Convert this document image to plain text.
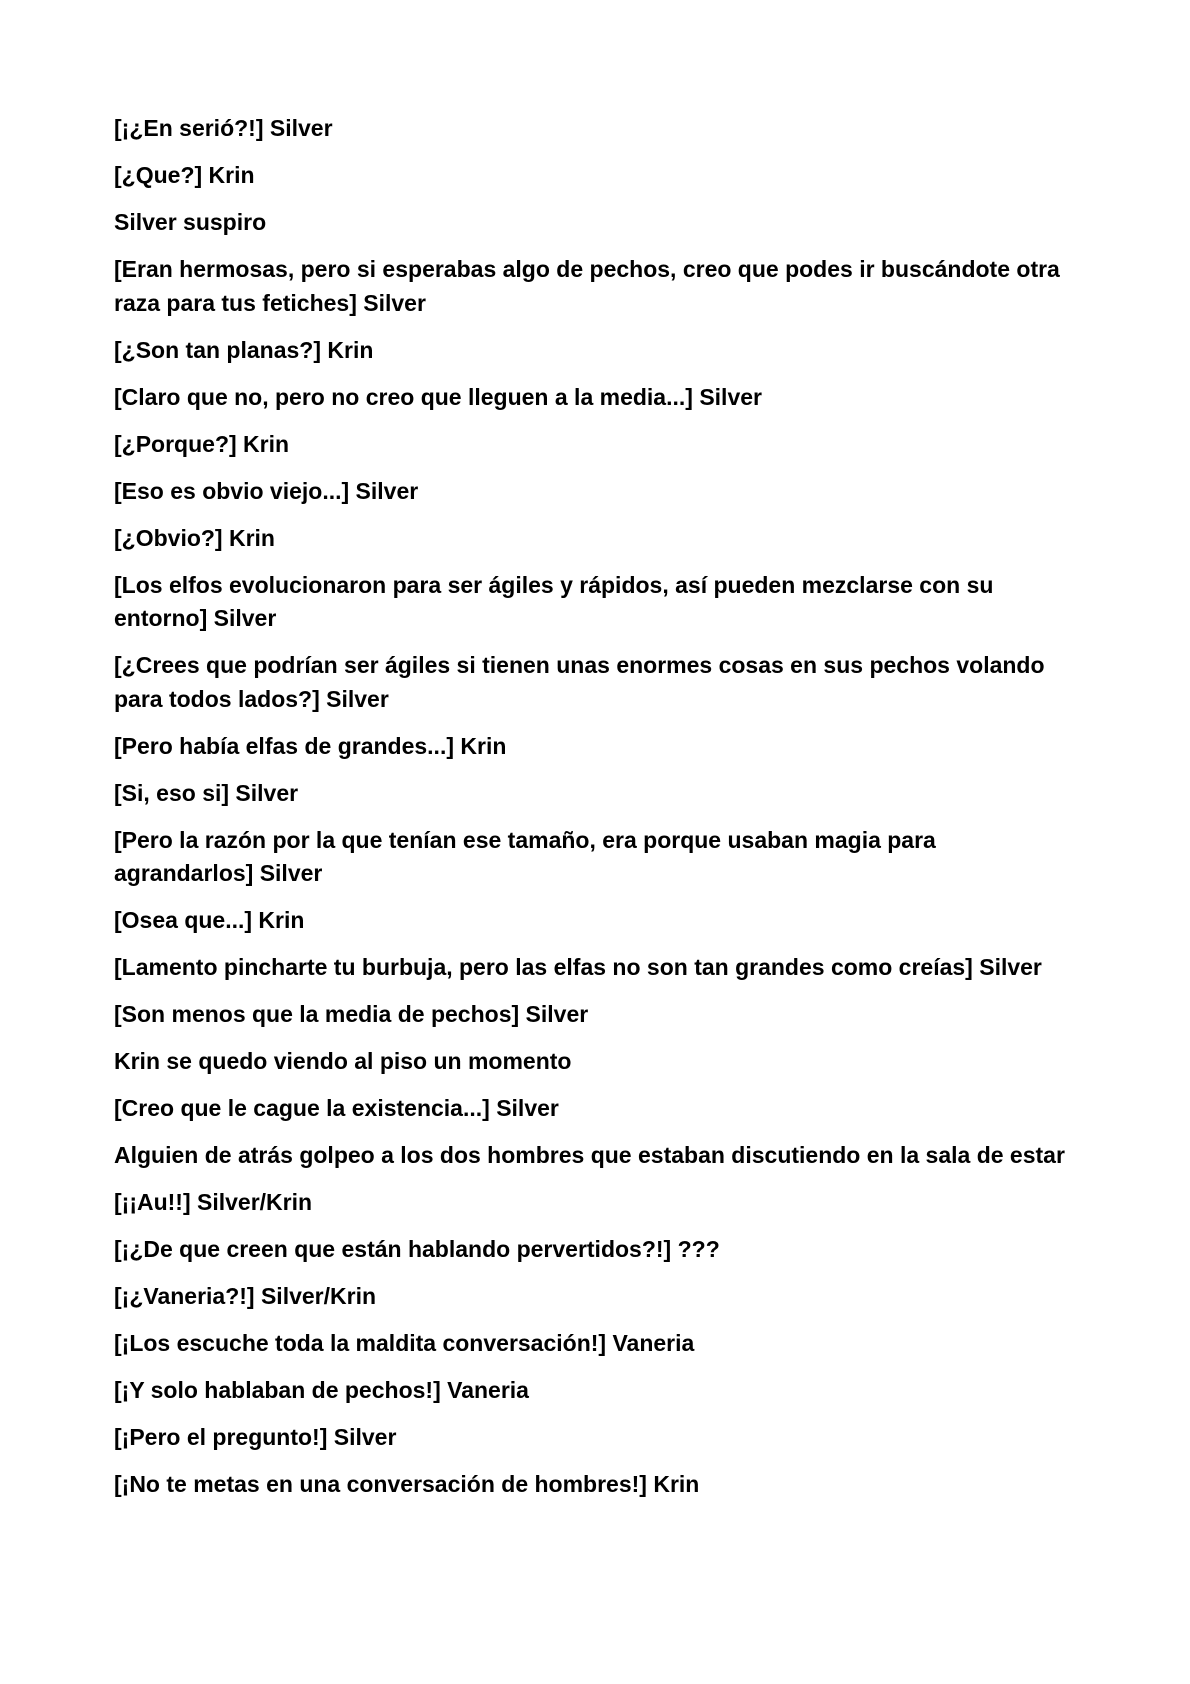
[¡¿En serió?!] Silver

[¿Que?] Krin

Silver suspiro

[Eran hermosas, pero si esperabas algo de pechos, creo que podes ir buscándote otra raza para tus fetiches] Silver

[¿Son tan planas?] Krin

[Claro que no, pero no creo que lleguen a la media...] Silver

[¿Porque?] Krin

[Eso es obvio viejo...] Silver

[¿Obvio?] Krin

[Los elfos evolucionaron para ser ágiles y rápidos, así pueden mezclarse con su entorno] Silver

[¿Crees que podrían ser ágiles si tienen unas enormes cosas en sus pechos volando para todos lados?] Silver

[Pero había elfas de grandes...] Krin

[Si, eso si] Silver

[Pero la razón por la que tenían ese tamaño, era porque usaban magia para agrandarlos] Silver

[Osea que...] Krin

[Lamento pincharte tu burbuja, pero las elfas no son tan grandes como creías] Silver

[Son menos que la media de pechos] Silver

Krin se quedo viendo al piso un momento

[Creo que le cague la existencia...] Silver

Alguien de atrás golpeo a los dos hombres que estaban discutiendo en la sala de estar

[¡¡Au!!] Silver/Krin

[¡¿De que creen que están hablando pervertidos?!] ???

[¡¿Vaneria?!] Silver/Krin

[¡Los escuche toda la maldita conversación!] Vaneria

[¡Y solo hablaban de pechos!] Vaneria

[¡Pero el pregunto!] Silver

[¡No te metas en una conversación de hombres!] Krin
